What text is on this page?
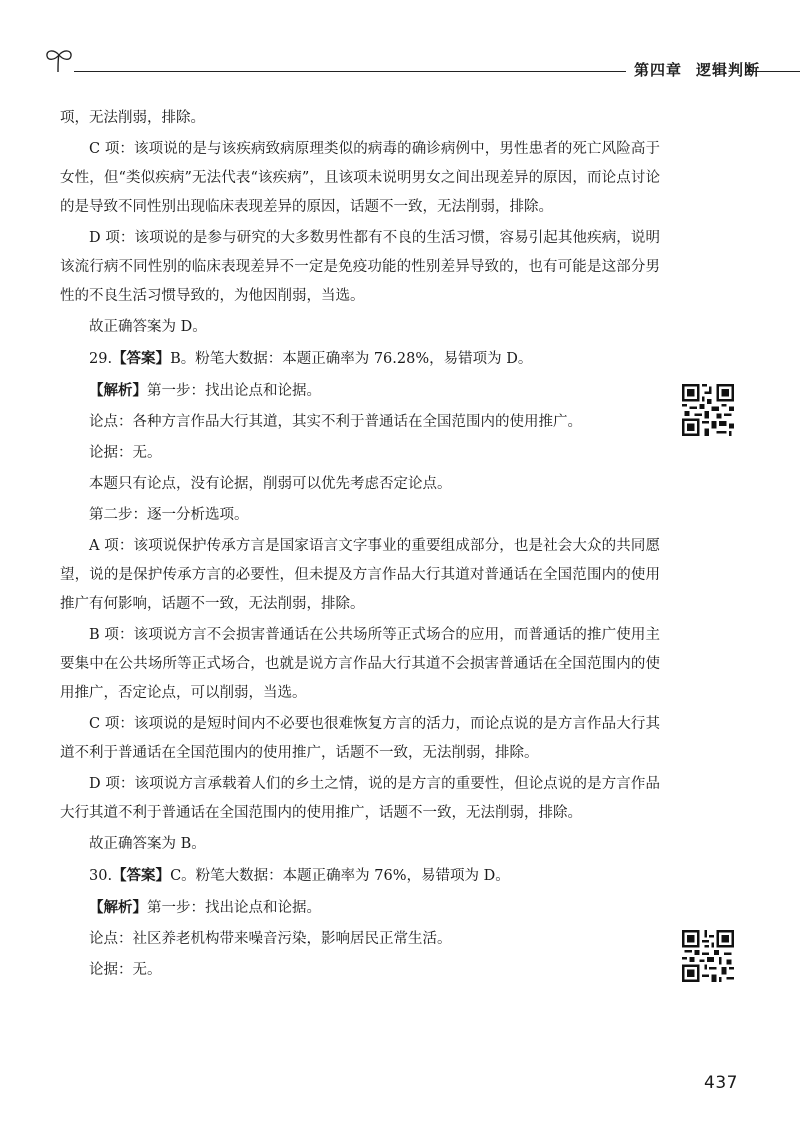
第四章 逻辑判断

项，无法削弱，排除。

C 项：该项说的是与该疾病致病原理类似的病毒的确诊病例中，男性患者的死亡风险高于女性，但“类似疾病”无法代表“该疾病”，且该项未说明男女之间出现差异的原因，而论点讨论的是导致不同性别出现临床表现差异的原因，话题不一致，无法削弱，排除。

D 项：该项说的是参与研究的大多数男性都有不良的生活习惯，容易引起其他疾病，说明该流行病不同性别的临床表现差异不一定是免疫功能的性别差异导致的，也有可能是这部分男性的不良生活习惯导致的，为他因削弱，当选。

故正确答案为 D。

29.【答案】B。粉笔大数据：本题正确率为 76.28%，易错项为 D。

【解析】第一步：找出论点和论据。

论点：各种方言作品大行其道，其实不利于普通话在全国范围内的使用推广。

论据：无。

本题只有论点，没有论据，削弱可以优先考虑否定论点。

第二步：逐一分析选项。

A 项：该项说保护传承方言是国家语言文字事业的重要组成部分，也是社会大众的共同愿望，说的是保护传承方言的必要性，但未提及方言作品大行其道对普通话在全国范围内的使用推广有何影响，话题不一致，无法削弱，排除。

B 项：该项说方言不会损害普通话在公共场所等正式场合的应用，而普通话的推广使用主要集中在公共场所等正式场合，也就是说方言作品大行其道不会损害普通话在全国范围内的使用推广，否定论点，可以削弱，当选。

C 项：该项说的是短时间内不必要也很难恢复方言的活力，而论点说的是方言作品大行其道不利于普通话在全国范围内的使用推广，话题不一致，无法削弱，排除。

D 项：该项说方言承载着人们的乡土之情，说的是方言的重要性，但论点说的是方言作品大行其道不利于普通话在全国范围内的使用推广，话题不一致，无法削弱，排除。

故正确答案为 B。

30.【答案】C。粉笔大数据：本题正确率为 76%，易错项为 D。

【解析】第一步：找出论点和论据。

论点：社区养老机构带来噪音污染，影响居民正常生活。

论据：无。

437
